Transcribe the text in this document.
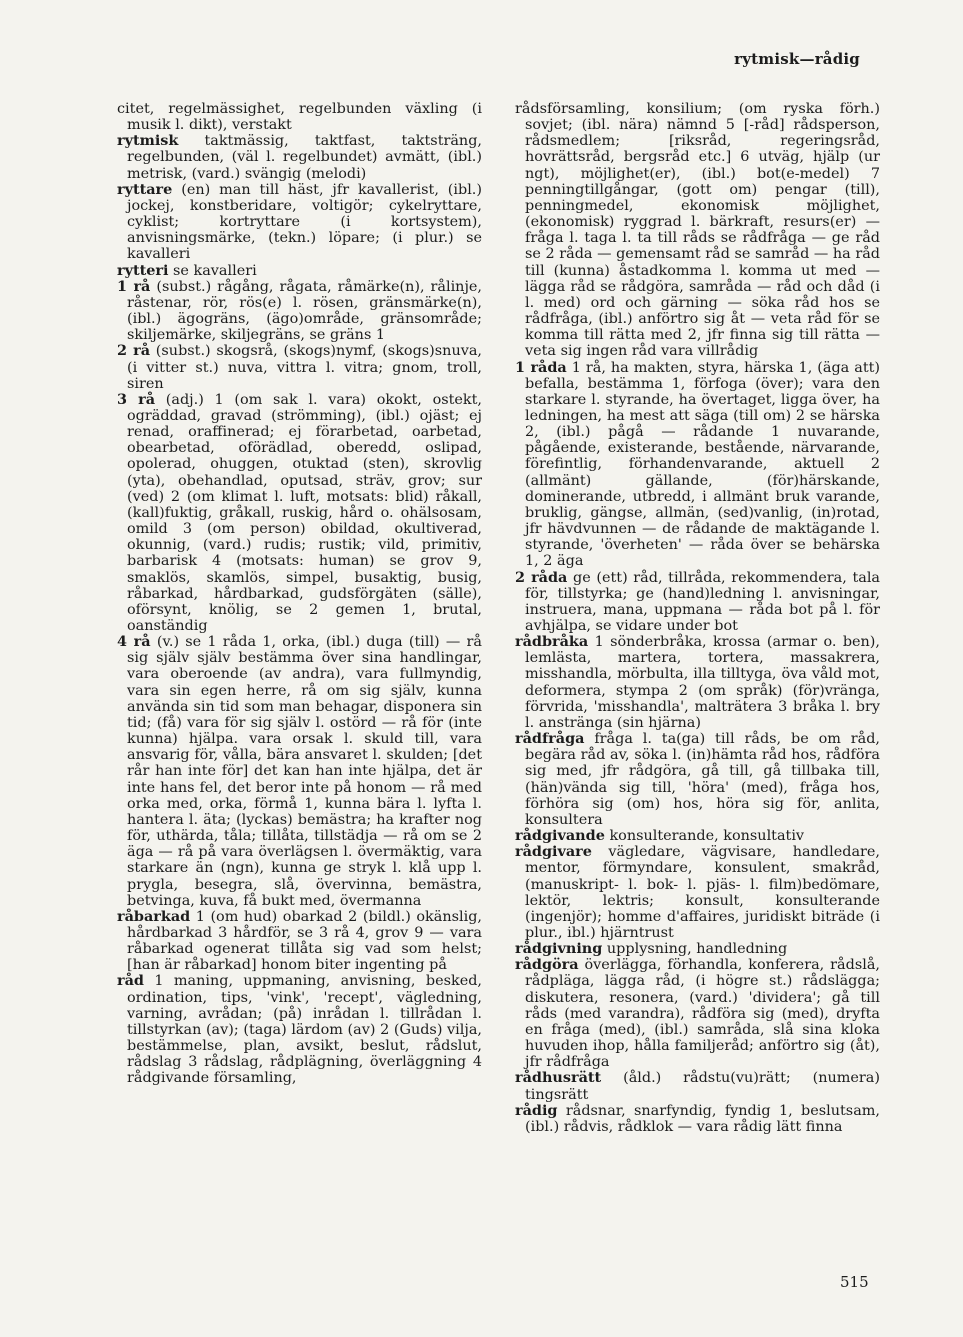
rytmisk—rådig

citet, regelmässighet, regelbunden växling (i musik l. dikt), verstakt

rytmisk taktmässig, taktfast, taktsträng, regelbunden, (väl l. regelbundet) avmätt, (ibl.) metrisk, (vard.) svängig (melodi)

ryttare (en) man till häst, jfr kavallerist, (ibl.) jockej, konstberidare, voltigör; cykelryttare, cyklist; kortryttare (i kortsystem), anvisningsmärke, (tekn.) löpare; (i plur.) se kavalleri

rytteri se kavalleri

1 rå (subst.) rågång, rågata, råmärke(n), rålinje, råstenar, rör, rös(e) l. rösen, gränsmärke(n), (ibl.) ägogräns, (ägo)område, gränsområde; skiljemärke, skiljegräns, se gräns 1

2 rå (subst.) skogsrå, (skogs)nymf, (skogs)snuva, (i vitter st.) nuva, vittra l. vitra; gnom, troll, siren

3 rå (adj.) 1 (om sak l. vara) okokt, ostekt, ogräddad, gravad (strömming), (ibl.) ojäst; ej renad, oraffinerad; ej förarbetad, oarbetad, obearbetad, oförädlad, oberedd, oslipad, opolerad, ohuggen, otuktad (sten), skrovlig (yta), obehandlad, oputsad, sträv, grov; sur (ved) 2 (om klimat l. luft, motsats: blid) råkall, (kall)fuktig, gråkall, ruskig, hård o. ohälsosam, omild 3 (om person) obildad, okultiverad, okunnig, (vard.) rudis; rustik; vild, primitiv, barbarisk 4 (motsats: human) se grov 9, smaklös, skamlös, simpel, busaktig, busig, råbarkad, hårdbarkad, gudsförgäten (sälle), oförsynt, knölig, se 2 gemen 1, brutal, oanständig

4 rå (v.) se 1 råda 1, orka, (ibl.) duga (till) — rå sig själv själv bestämma över sina handlingar, vara oberoende (av andra), vara fullmyndig, vara sin egen herre, rå om sig själv, kunna använda sin tid som man behagar, disponera sin tid; (få) vara för sig själv l. ostörd — rå för (inte kunna) hjälpa. vara orsak l. skuld till, vara ansvarig för, vålla, bära ansvaret l. skulden; [det rår han inte för] det kan han inte hjälpa, det är inte hans fel, det beror inte på honom — rå med orka med, orka, förmå 1, kunna bära l. lyfta l. hantera l. äta; (lyckas) bemästra; ha krafter nog för, uthärda, tåla; tillåta, tillstädja — rå om se 2 äga — rå på vara överlägsen l. övermäktig, vara starkare än (ngn), kunna ge stryk l. klå upp l. prygla, besegra, slå, övervinna, bemästra, betvinga, kuva, få bukt med, övermanna

råbarkad 1 (om hud) obarkad 2 (bildl.) okänslig, hårdbarkad 3 hårdför, se 3 rå 4, grov 9 — vara råbarkad ogenerat tillåta sig vad som helst; [han är råbarkad] honom biter ingenting på

råd 1 maning, uppmaning, anvisning, besked, ordination, tips, 'vink', 'recept', vägledning, varning, avrådan; (på) inrådan l. tillrådan l. tillstyrkan (av); (taga) lärdom (av) 2 (Guds) vilja, bestämmelse, plan, avsikt, beslut, rådslut, rådslag 3 rådslag, rådplägning, överläggning 4 rådgivande församling,

rådsförsamling, konsilium; (om ryska förh.) sovjet; (ibl. nära) nämnd 5 [-råd] rådsperson, rådsmedlem; [riksråd, regeringsråd, hovrättsråd, bergsråd etc.] 6 utväg, hjälp (ur ngt), möjlighet(er), (ibl.) bot(e-medel) 7 penningtillgångar, (gott om) pengar (till), penningmedel, ekonomisk möjlighet, (ekonomisk) ryggrad l. bärkraft, resurs(er) — fråga l. taga l. ta till råds se rådfråga — ge råd se 2 råda — gemensamt råd se samråd — ha råd till (kunna) åstadkomma l. komma ut med — lägga råd se rådgöra, samråda — råd och dåd (i l. med) ord och gärning — söka råd hos se rådfråga, (ibl.) anförtro sig åt — veta råd för se komma till rätta med 2, jfr finna sig till rätta — veta sig ingen råd vara villrådig

1 råda 1 rå, ha makten, styra, härska 1, (äga att) befalla, bestämma 1, förfoga (över); vara den starkare l. styrande, ha övertaget, ligga över, ha ledningen, ha mest att säga (till om) 2 se härska 2, (ibl.) pågå — rådande 1 nuvarande, pågående, existerande, bestående, närvarande, förefintlig, förhandenvarande, aktuell 2 (allmänt) gällande, (för)härskande, dominerande, utbredd, i allmänt bruk varande, bruklig, gängse, allmän, (sed)vanlig, (in)rotad, jfr hävdvunnen — de rådande de maktägande l. styrande, 'överheten' — råda över se behärska 1, 2 äga

2 råda ge (ett) råd, tillråda, rekommendera, tala för, tillstyrka; ge (hand)ledning l. anvisningar, instruera, mana, uppmana — råda bot på l. för avhjälpa, se vidare under bot

rådbråka 1 sönderbråka, krossa (armar o. ben), lemlästa, martera, tortera, massakrera, misshandla, mörbulta, illa tilltyga, öva våld mot, deformera, stympa 2 (om språk) (för)vränga, förvrida, 'misshandla', malträtera 3 bråka l. bry l. anstränga (sin hjärna)

rådfråga fråga l. ta(ga) till råds, be om råd, begära råd av, söka l. (in)hämta råd hos, rådföra sig med, jfr rådgöra, gå till, gå tillbaka till, (hän)vända sig till, 'höra' (med), fråga hos, förhöra sig (om) hos, höra sig för, anlita, konsultera

rådgivande konsulterande, konsultativ

rådgivare vägledare, vägvisare, handledare, mentor, förmyndare, konsulent, smakråd, (manuskript- l. bok- l. pjäs- l. film)bedömare, lektör, lektris; konsult, konsulterande (ingenjör); homme d'affaires, juridiskt biträde (i plur., ibl.) hjärntrust

rådgivning upplysning, handledning

rådgöra överlägga, förhandla, konferera, rådslå, rådpläga, lägga råd, (i högre st.) rådslägga; diskutera, resonera, (vard.) 'dividera'; gå till råds (med varandra), rådföra sig (med), dryfta en fråga (med), (ibl.) samråda, slå sina kloka huvuden ihop, hålla familjeråd; anförtro sig (åt), jfr rådfråga

rådhusrätt (åld.) rådstu(vu)rätt; (numera) tingsrätt

rådig rådsnar, snarfyndig, fyndig 1, beslutsam, (ibl.) rådvis, rådklok — vara rådig lätt finna

515
